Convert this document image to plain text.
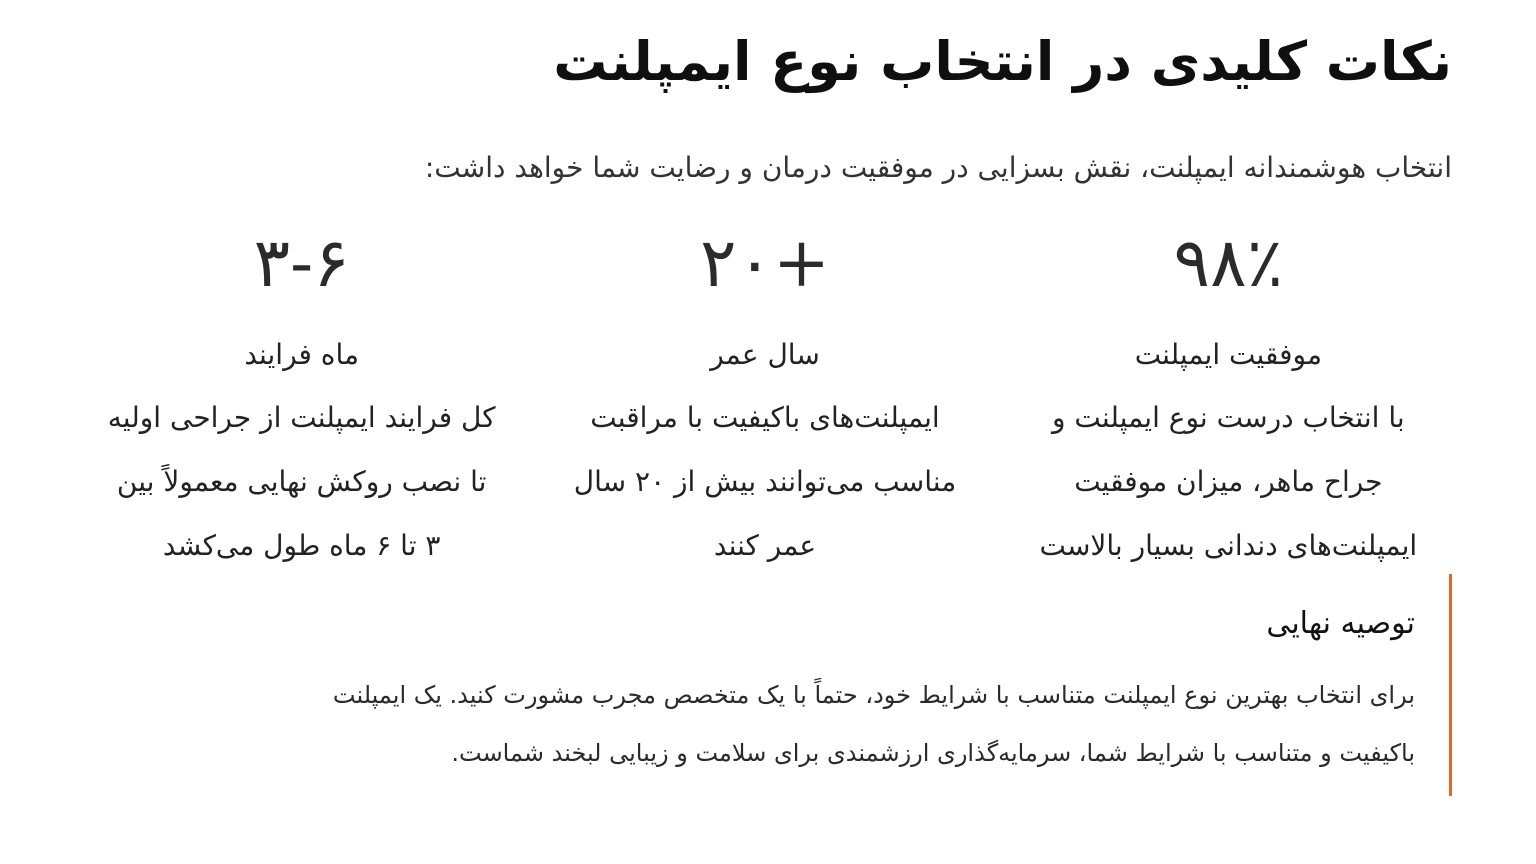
نکات کلیدی در انتخاب نوع ایمپلنت

انتخاب هوشمندانه ایمپلنت، نقش بسزایی در موفقیت درمان و رضایت شما خواهد داشت:

۹۸٪
موفقیت ایمپلنت
با انتخاب درست نوع ایمپلنت و
جراح ماهر، میزان موفقیت
ایمپلنت‌های دندانی بسیار بالاست
+۲۰
سال عمر
ایمپلنت‌های باکیفیت با مراقبت
مناسب می‌توانند بیش از ۲۰ سال
عمر کنند
۳-۶
ماه فرایند
کل فرایند ایمپلنت از جراحی اولیه
تا نصب روکش نهایی معمولاً بین
۳ تا ۶ ماه طول می‌کشد
توصیه نهایی
برای انتخاب بهترین نوع ایمپلنت متناسب با شرایط خود، حتماً با یک متخصص مجرب مشورت کنید. یک ایمپلنت
باکیفیت و متناسب با شرایط شما، سرمایه‌گذاری ارزشمندی برای سلامت و زیبایی لبخند شماست.
